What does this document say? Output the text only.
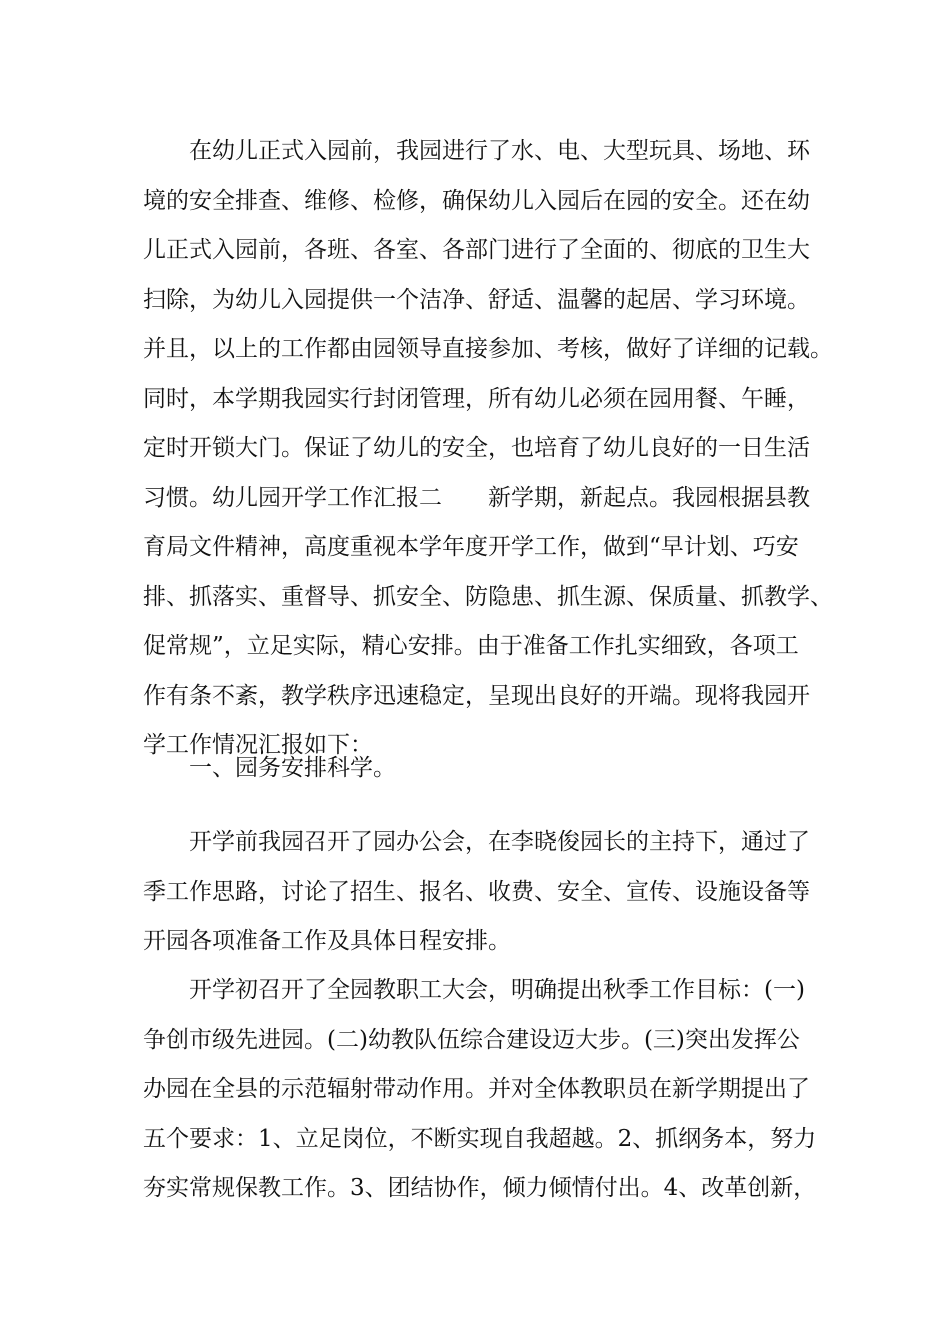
在幼儿正式入园前，我园进行了水、电、大型玩具、场地、环
境的安全排查、维修、检修，确保幼儿入园后在园的安全。还在幼
儿正式入园前，各班、各室、各部门进行了全面的、彻底的卫生大
扫除，为幼儿入园提供一个洁净、舒适、温馨的起居、学习环境。
并且，以上的工作都由园领导直接参加、考核，做好了详细的记载。
同时，本学期我园实行封闭管理，所有幼儿必须在园用餐、午睡，
定时开锁大门。保证了幼儿的安全，也培育了幼儿良好的一日生活
习惯。幼儿园开学工作汇报二　　新学期，新起点。我园根据县教
育局文件精神，高度重视本学年度开学工作，做到“早计划、巧安
排、抓落实、重督导、抓安全、防隐患、抓生源、保质量、抓教学、
促常规”，立足实际，精心安排。由于准备工作扎实细致，各项工
作有条不紊，教学秩序迅速稳定，呈现出良好的开端。现将我园开
学工作情况汇报如下：
一、园务安排科学。
开学前我园召开了园办公会，在李晓俊园长的主持下，通过了
季工作思路，讨论了招生、报名、收费、安全、宣传、设施设备等
开园各项准备工作及具体日程安排。
开学初召开了全园教职工大会，明确提出秋季工作目标：(一)
争创市级先进园。(二)幼教队伍综合建设迈大步。(三)突出发挥公
办园在全县的示范辐射带动作用。并对全体教职员在新学期提出了
五个要求：1、立足岗位，不断实现自我超越。2、抓纲务本，努力
夯实常规保教工作。3、团结协作，倾力倾情付出。4、改革创新，
